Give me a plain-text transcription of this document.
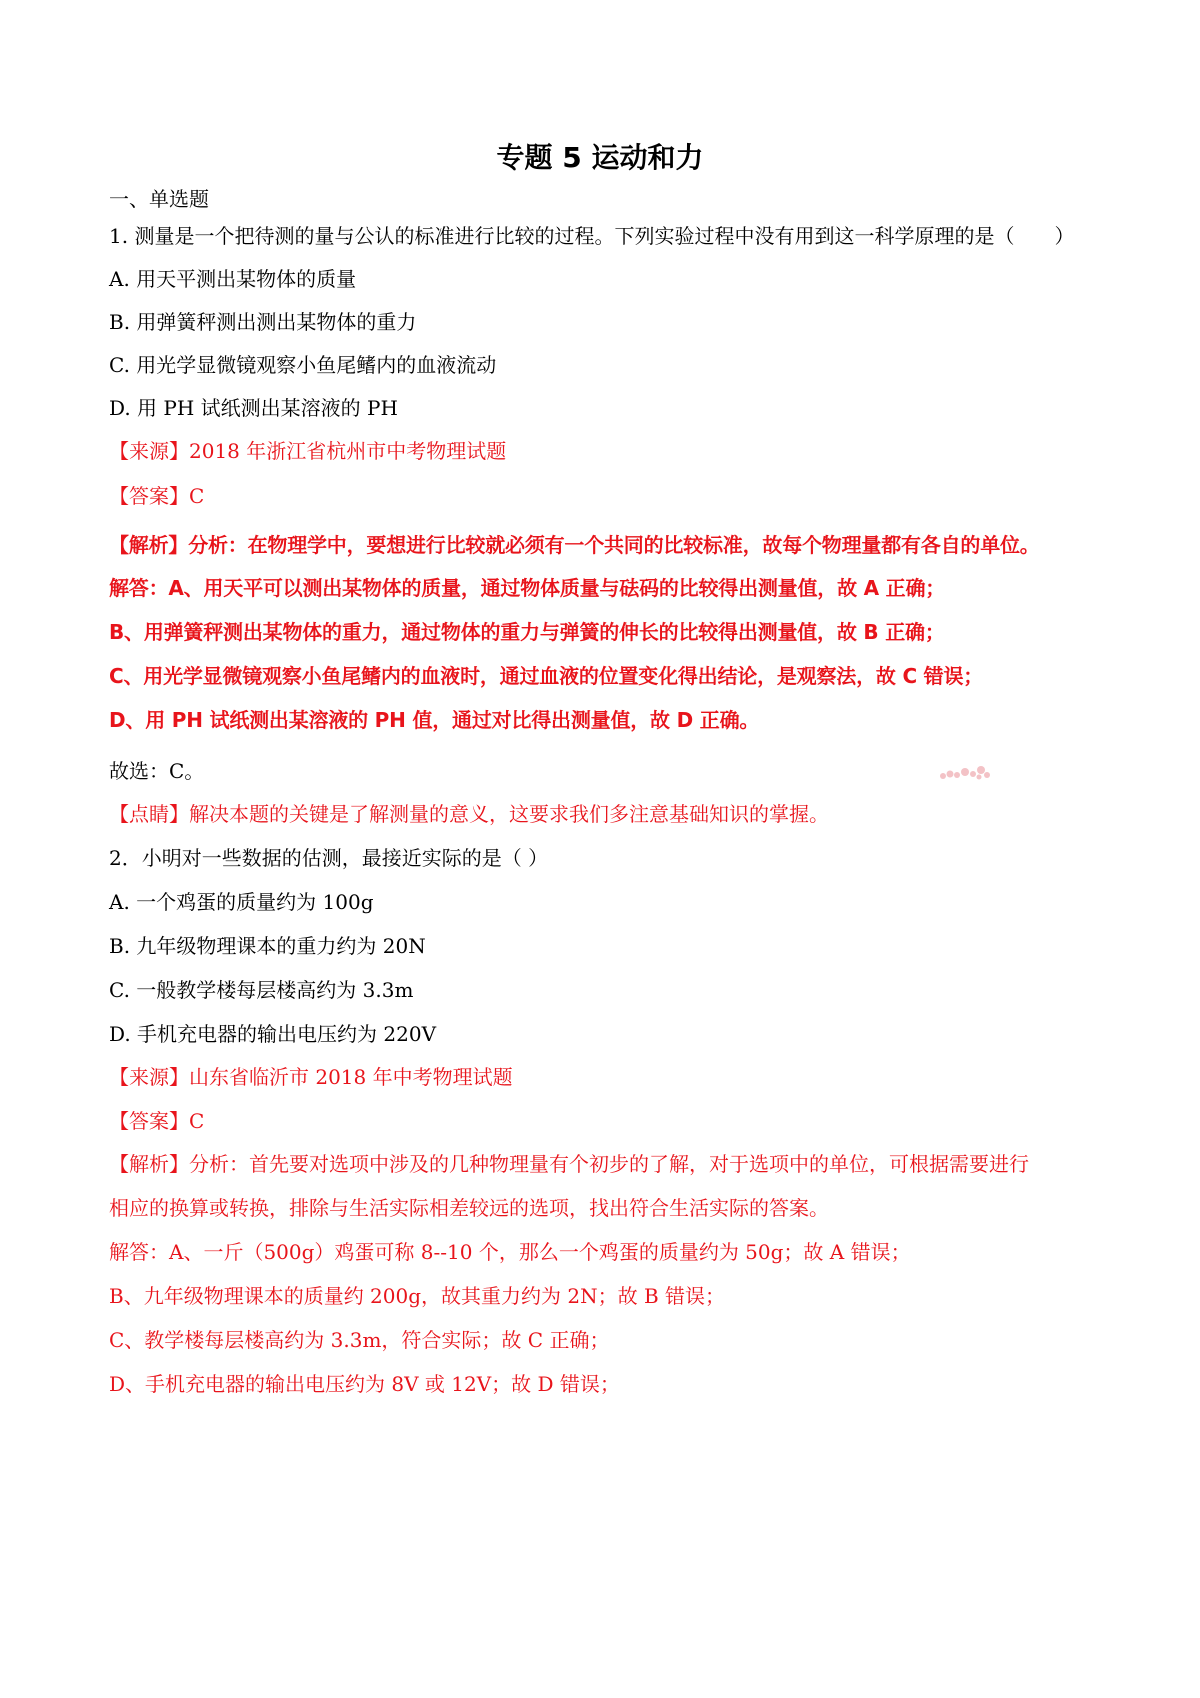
专题 5 运动和力
一、单选题
1. 测量是一个把待测的量与公认的标准进行比较的过程。下列实验过程中没有用到这一科学原理的是（　　）
A. 用天平测出某物体的质量
B. 用弹簧秤测出测出某物体的重力
C. 用光学显微镜观察小鱼尾鳍内的血液流动
D. 用 PH 试纸测出某溶液的 PH
【来源】2018 年浙江省杭州市中考物理试题
【答案】C
【解析】分析：在物理学中，要想进行比较就必须有一个共同的比较标准，故每个物理量都有各自的单位。
解答：A、用天平可以测出某物体的质量，通过物体质量与砝码的比较得出测量值，故 A 正确；
B、用弹簧秤测出某物体的重力，通过物体的重力与弹簧的伸长的比较得出测量值，故 B 正确；
C、用光学显微镜观察小鱼尾鳍内的血液时，通过血液的位置变化得出结论，是观察法，故 C 错误；
D、用 PH 试纸测出某溶液的 PH 值，通过对比得出测量值，故 D 正确。
故选：C。
【点睛】解决本题的关键是了解测量的意义，这要求我们多注意基础知识的掌握。
2．小明对一些数据的估测，最接近实际的是（ ）
A. 一个鸡蛋的质量约为 100g
B. 九年级物理课本的重力约为 20N
C. 一般教学楼每层楼高约为 3.3m
D. 手机充电器的输出电压约为 220V
【来源】山东省临沂市 2018 年中考物理试题
【答案】C
【解析】分析：首先要对选项中涉及的几种物理量有个初步的了解，对于选项中的单位，可根据需要进行
相应的换算或转换，排除与生活实际相差较远的选项，找出符合生活实际的答案。
解答：A、一斤（500g）鸡蛋可称 8--10 个，那么一个鸡蛋的质量约为 50g；故 A 错误；
B、九年级物理课本的质量约 200g，故其重力约为 2N；故 B 错误；
C、教学楼每层楼高约为 3.3m，符合实际；故 C 正确；
D、手机充电器的输出电压约为 8V 或 12V；故 D 错误；
